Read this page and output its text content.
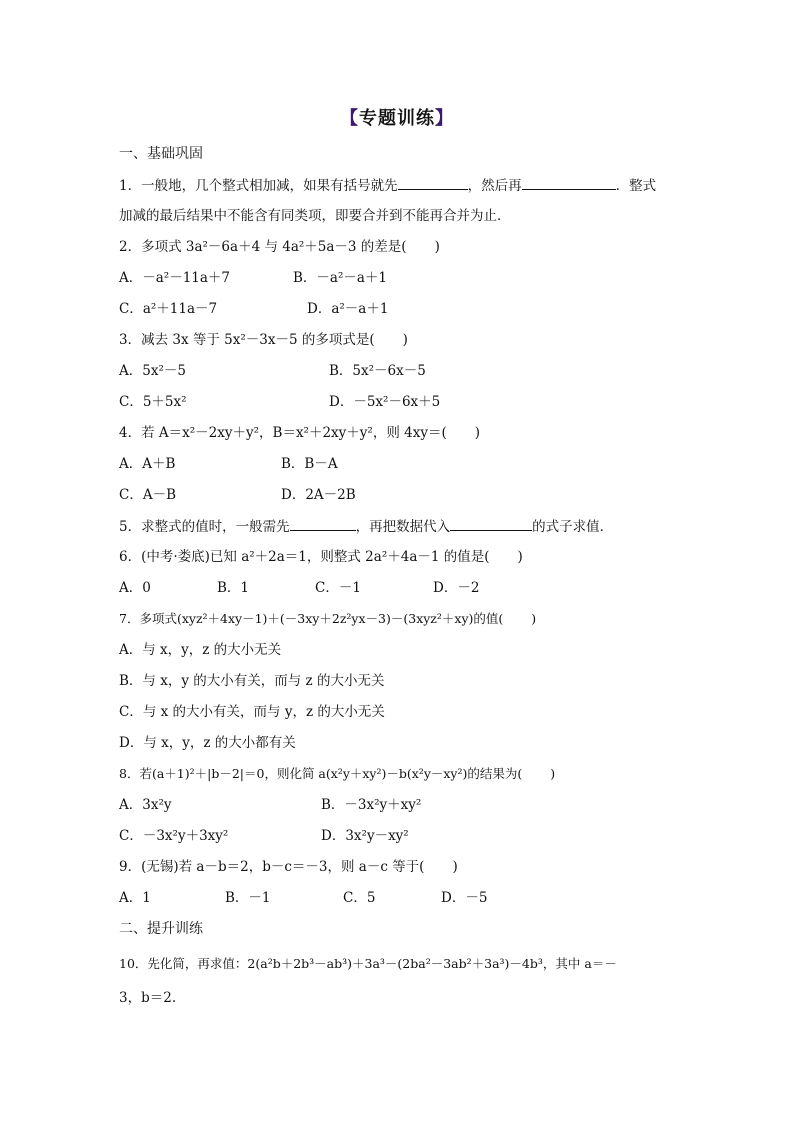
【专题训练】
一、基础巩固
1．一般地，几个整式相加减，如果有括号就先	，然后再	．整式
加减的最后结果中不能含有同类项，即要合并到不能再合并为止．
2．多项式 3a²－6a＋4 与 4a²＋5a－3 的差是( )
A．－a²－11a＋7	B．－a²－a＋1
C．a²＋11a－7	D．a²－a＋1
3．减去 3x 等于 5x²－3x－5 的多项式是( )
A．5x²－5	B．5x²－6x－5
C．5＋5x²	D．－5x²－6x＋5
4．若 A＝x²－2xy＋y²，B＝x²＋2xy＋y²，则 4xy＝( )
A．A＋B	B．B－A
C．A－B	D．2A－2B
5．求整式的值时，一般需先	，再把数据代入	的式子求值．
6．(中考·娄底)已知 a²＋2a＝1，则整式 2a²＋4a－1 的值是( )
A．0	B．1	C．－1	D．－2
7．多项式(xyz²＋4xy－1)＋(－3xy＋2z²yx－3)－(3xyz²＋xy)的值( )
A．与 x，y，z 的大小无关
B．与 x，y 的大小有关，而与 z 的大小无关
C．与 x 的大小有关，而与 y，z 的大小无关
D．与 x，y，z 的大小都有关
8．若(a＋1)²＋|b－2|＝0，则化简 a(x²y＋xy²)－b(x²y－xy²)的结果为( )
A．3x²y	B．－3x²y＋xy²
C．－3x²y＋3xy²	D．3x²y－xy²
9．(无锡)若 a－b＝2，b－c＝－3，则 a－c 等于( )
A．1	B．－1	C．5	D．－5
二、提升训练
10．先化简，再求值：2(a²b＋2b³－ab³)＋3a³－(2ba²－3ab²＋3a³)－4b³，其中 a＝－
3，b＝2.
